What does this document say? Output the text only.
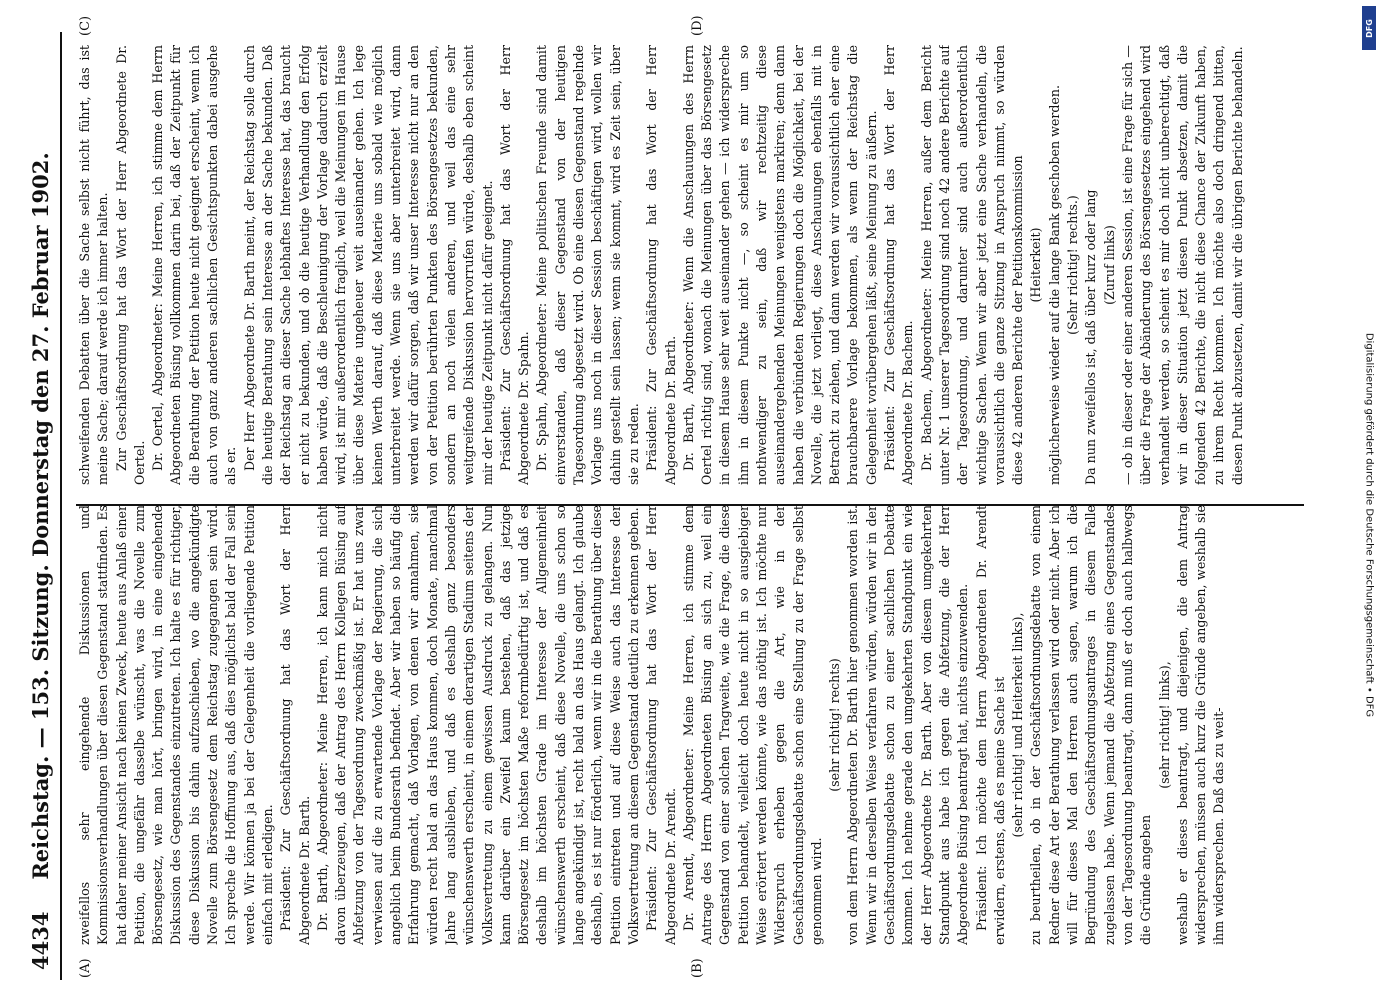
4434
Reichstag. — 153. Sitzung. Donnerstag den 27. Februar 1902.
(A)	(B)
(C)	(D)

zweifellos sehr eingehende Diskussionen und Kommissionsverhandlungen über diesen Gegenstand stattfinden. Es hat daher meiner Ansicht nach keinen Zweck, heute aus Anlaß einer Petition, die ungefähr dasselbe wünscht, was die Novelle zum Börsengesetz, wie man hört, bringen wird, in eine eingehende Diskussion des Gegenstandes einzutreten. Ich halte es für richtiger, diese Diskussion bis dahin aufzuschieben, wo die angekündigte Novelle zum Börsengesetz dem Reichstag zugegangen sein wird. Ich spreche die Hoffnung aus, daß dies möglichst bald der Fall sein werde. Wir können ja bei der Gelegenheit die vorliegende Petition einfach mit erledigen. Präsident: Zur Geschäftsordnung hat das Wort der Herr Abgeordnete Dr. Barth. Dr. Barth, Abgeordneter: Meine Herren, ich kann mich nicht davon überzeugen, daß der Antrag des Herrn Kollegen Büsing auf Abfetzung von der Tagesordnung zweckmäßig ist. Er hat uns zwar verwiesen auf die zu erwartende Vorlage der Regierung, die sich angeblich beim Bundesrath befindet. Aber wir haben so häufig die Erfahrung gemacht, daß Vorlagen, von denen wir annahmen, sie würden recht bald an das Haus kommen, doch Monate, manchmal Jahre lang ausblieben, und daß es deshalb ganz besonders wünschenswerth erscheint, in einem derartigen Stadium seitens der Volksvertretung zu einem gewissen Ausdruck zu gelangen. Nun kann darüber ein Zweifel kaum bestehen, daß das jetzige Börsengesetz im höchsten Maße reformbedürftig ist, und daß es deshalb im höchsten Grade im Interesse der Allgemeinheit wünschenswerth erscheint, daß diese Novelle, die uns schon so lange angekündigt ist, recht bald an das Haus gelangt. Ich glaube deshalb, es ist nur förderlich, wenn wir in die Berathung über diese Petition eintreten und auf diese Weise auch das Interesse der Volksvertretung an diesem Gegenstand deutlich zu erkennen geben. Präsident: Zur Geschäftsordnung hat das Wort der Herr Abgeordnete Dr. Arendt. Dr. Arendt, Abgeordneter: Meine Herren, ich stimme dem Antrage des Herrn Abgeordneten Büsing an sich zu, weil ein Gegenstand von einer solchen Tragweite, wie die Frage, die diese Petition behandelt, vielleicht doch heute nicht in so ausgiebiger Weise erörtert werden könnte, wie das nöthig ist. Ich möchte nur Widerspruch erheben gegen die Art, wie in der Geschäftsordnungsdebatte schon eine Stellung zu der Frage selbst genommen wird.

(sehr richtig! rechts) von dem Herrn Abgeordneten Dr. Barth hier genommen worden ist. Wenn wir in derselben Weise verfahren würden, würden wir in der Geschäftsordnungsdebatte schon zu einer sachlichen Debatte kommen. Ich nehme gerade den umgekehrten Standpunkt ein wie der Herr Abgeordnete Dr. Barth. Aber von diesem umgekehrten Standpunkt aus habe ich gegen die Abfetzung, die der Herr Abgeordnete Büsing beantragt hat, nichts einzuwenden. Präsident: Ich möchte dem Herrn Abgeordneten Dr. Arendt erwidern, erstens, daß es meine Sache ist (sehr richtig! und Heiterkeit links), zu beurtheilen, ob in der Geschäftsordnungsdebatte von einem Redner diese Art der Berathung verlassen wird oder nicht. Aber ich will für dieses Mal den Herren auch sagen, warum ich die Begründung des Geschäftsordnungsantrages in diesem Falle zugelassen habe. Wenn jemand die Abfetzung eines Gegenstandes von der Tagesordnung beantragt, dann muß er doch auch halbwegs die Gründe angeben

(sehr richtig! links), weshalb er dieses beantragt, und diejenigen, die dem Antrag widersprechen, müssen auch kurz die Gründe angeben, weshalb sie ihm widersprechen. Daß das zu weit-

schweifenden Debatten über die Sache selbst nicht führt, das ist meine Sache; darauf werde ich immer halten. Zur Geschäftsordnung hat das Wort der Herr Abgeordnete Dr. Oertel. Dr. Oertel, Abgeordneter: Meine Herren, ich stimme dem Herrn Abgeordneten Büsing vollkommen darin bei, daß der Zeitpunkt für die Berathung der Petition heute nicht geeignet erscheint, wenn ich auch von ganz anderen sachlichen Gesichtspunkten dabei ausgehe als er. Der Herr Abgeordnete Dr. Barth meint, der Reichstag solle durch die heutige Berathung sein Interesse an der Sache bekunden. Daß der Reichstag an dieser Sache lebhaftes Interesse hat, das braucht er nicht zu bekunden, und ob die heutige Verhandlung den Erfolg haben würde, daß die Beschleunigung der Vorlage dadurch erzielt wird, ist mir außerordentlich fraglich, weil die Meinungen im Hause über diese Materie ungeheuer weit auseinander gehen. Ich lege keinen Werth darauf, daß diese Materie uns sobald wie möglich unterbreitet werde. Wenn sie uns aber unterbreitet wird, dann werden wir dafür sorgen, daß wir unser Interesse nicht nur an den von der Petition berührten Punkten des Börsengesetzes bekunden, sondern an noch vielen anderen, und weil das eine sehr weitgreifende Diskussion hervorrufen würde, deshalb eben scheint mir der heutige Zeitpunkt nicht dafür geeignet. Präsident: Zur Geschäftsordnung hat das Wort der Herr Abgeordnete Dr. Spahn. Dr. Spahn, Abgeordneter: Meine politischen Freunde sind damit einverstanden, daß dieser Gegenstand von der heutigen Tagesordnung abgesetzt wird. Ob eine diesen Gegenstand regelnde Vorlage uns noch in dieser Session beschäftigen wird, wollen wir dahin gestellt sein lassen; wenn sie kommt, wird es Zeit sein, über sie zu reden. Präsident: Zur Geschäftsordnung hat das Wort der Herr Abgeordnete Dr. Barth. Dr. Barth, Abgeordneter: Wenn die Anschauungen des Herrn Oertel richtig sind, wonach die Meinungen über das Börsengesetz in diesem Hause sehr weit auseinander gehen — ich widerspreche ihm in diesem Punkte nicht —, so scheint es mir um so nothwendiger zu sein, daß wir rechtzeitig diese auseinandergehenden Meinungen wenigstens markiren; denn dann haben die verbündeten Regierungen doch die Möglichkeit, bei der Novelle, die jetzt vorliegt, diese Anschauungen ebenfalls mit in Betracht zu ziehen, und dann werden wir voraussichtlich eher eine brauchbarere Vorlage bekommen, als wenn der Reichstag die Gelegenheit vorübergehen läßt, seine Meinung zu äußern. Präsident: Zur Geschäftsordnung hat das Wort der Herr Abgeordnete Dr. Bachem. Dr. Bachem, Abgeordneter: Meine Herren, außer dem Bericht unter Nr. 1 unserer Tagesordnung sind noch 42 andere Berichte auf der Tagesordnung, und darunter sind auch außerordentlich wichtige Sachen. Wenn wir aber jetzt eine Sache verhandeln, die voraussichtlich die ganze Sitzung in Anspruch nimmt, so würden diese 42 anderen Berichte der Petitionskommission (Heiterkeit) möglicherweise wieder auf die lange Bank geschoben werden. (Sehr richtig! rechts.) Da nun zweifellos ist, daß über kurz oder lang (Zuruf links) — ob in dieser oder einer anderen Session, ist eine Frage für sich — über die Frage der Abänderung des Börsengesetzes eingehend wird verhandelt werden, so scheint es mir doch nicht unberechtigt, daß wir in dieser Situation jetzt diesen Punkt absetzen, damit die folgenden 42 Berichte, die nicht diese Chance der Zukunft haben, zu ihrem Recht kommen. Ich möchte also doch dringend bitten, diesen Punkt abzusetzen, damit wir die übrigen Berichte behandeln.

DFG
Digitalisierung gefördert durch die Deutsche Forschungsgemeinschaft • DFG
